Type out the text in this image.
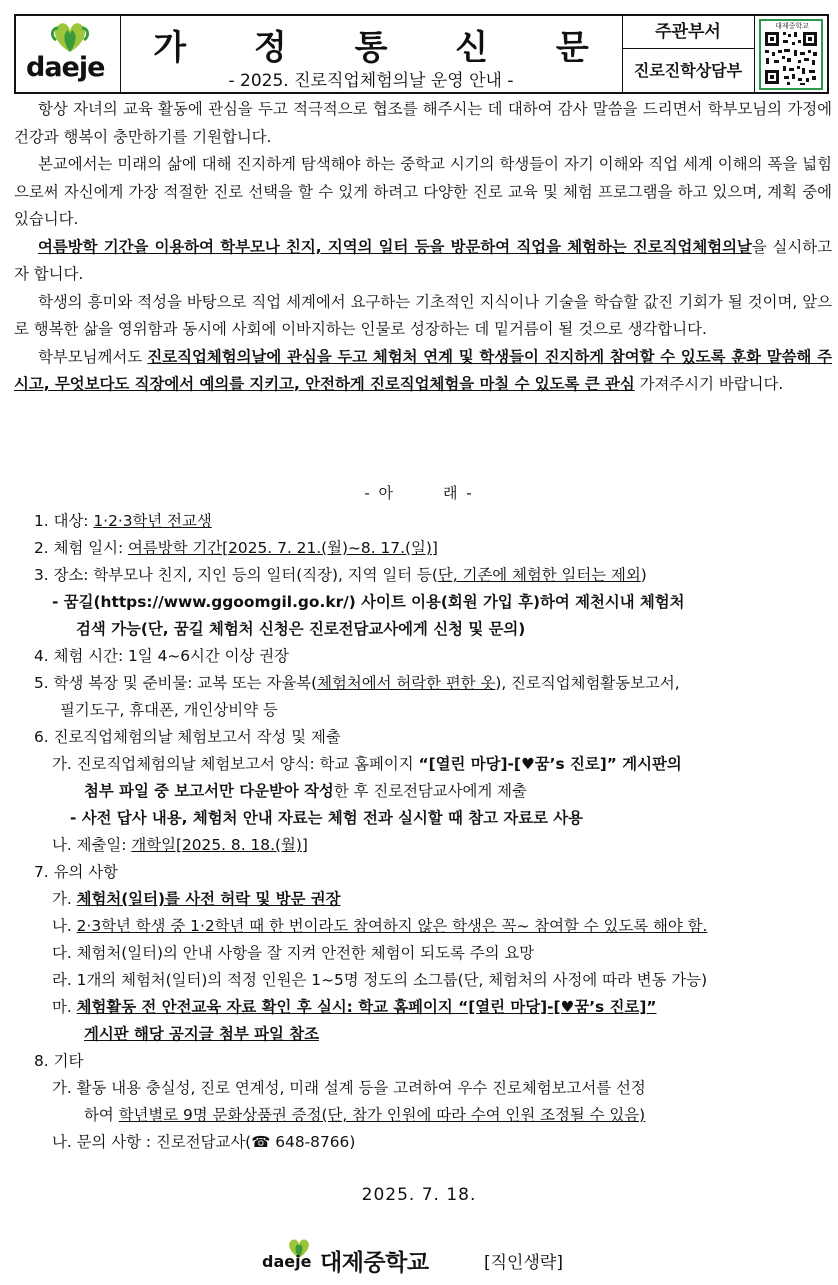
daeje	가 정 통 신 문
- 2025. 진로직업체험의날 운영 안내 -
주관부서
진로진학상담부
대제중학교

항상 자녀의 교육 활동에 관심을 두고 적극적으로 협조를 해주시는 데 대하여 감사 말씀을 드리면서 학부모님의 가정에 건강과 행복이 충만하기를 기원합니다.

본교에서는 미래의 삶에 대해 진지하게 탐색해야 하는 중학교 시기의 학생들이 자기 이해와 직업 세계 이해의 폭을 넓힘으로써 자신에게 가장 적절한 진로 선택을 할 수 있게 하려고 다양한 진로 교육 및 체험 프로그램을 하고 있으며, 계획 중에 있습니다.

여름방학 기간을 이용하여 학부모나 친지, 지역의 일터 등을 방문하여 직업을 체험하는 진로직업체험의날을 실시하고자 합니다.

학생의 흥미와 적성을 바탕으로 직업 세계에서 요구하는 기초적인 지식이나 기술을 학습할 값진 기회가 될 것이며, 앞으로 행복한 삶을 영위함과 동시에 사회에 이바지하는 인물로 성장하는 데 밑거름이 될 것으로 생각합니다.

학부모님께서도 진로직업체험의날에 관심을 두고 체험처 연계 및 학생들이 진지하게 참여할 수 있도록 훈화 말씀해 주시고, 무엇보다도 직장에서 예의를 지키고, 안전하게 진로직업체험을 마칠 수 있도록 큰 관심 가져주시기 바랍니다.

- 아	래 -

1. 대상: 1·2·3학년 전교생

2. 체험 일시: 여름방학 기간[2025. 7. 21.(월)~8. 17.(일)]

3. 장소: 학부모나 친지, 지인 등의 일터(직장), 지역 일터 등(단, 기존에 체험한 일터는 제외)

- 꿈길(https://www.ggoomgil.go.kr/) 사이트 이용(회원 가입 후)하여 제천시내 체험처

검색 가능(단, 꿈길 체험처 신청은 진로전담교사에게 신청 및 문의)

4. 체험 시간: 1일 4~6시간 이상 권장

5. 학생 복장 및 준비물: 교복 또는 자율복(체험처에서 허락한 편한 옷), 진로직업체험활동보고서,

필기도구, 휴대폰, 개인상비약 등

6. 진로직업체험의날 체험보고서 작성 및 제출

가. 진로직업체험의날 체험보고서 양식: 학교 홈페이지 “[열린 마당]-[♥꿈’s 진로]” 게시판의

첨부 파일 중 보고서만 다운받아 작성한 후 진로전담교사에게 제출

- 사전 답사 내용, 체험처 안내 자료는 체험 전과 실시할 때 참고 자료로 사용

나. 제출일: 개학일[2025. 8. 18.(월)]

7. 유의 사항

가. 체험처(일터)를 사전 허락 및 방문 권장

나. 2·3학년 학생 중 1·2학년 때 한 번이라도 참여하지 않은 학생은 꼭~ 참여할 수 있도록 해야 함.

다. 체험처(일터)의 안내 사항을 잘 지켜 안전한 체험이 되도록 주의 요망

라. 1개의 체험처(일터)의 적정 인원은 1~5명 정도의 소그룹(단, 체험처의 사정에 따라 변동 가능)

마. 체험활동 전 안전교육 자료 확인 후 실시: 학교 홈페이지 “[열린 마당]-[♥꿈’s 진로]”

게시판 해당 공지글 첨부 파일 참조

8. 기타

가. 활동 내용 충실성, 진로 연계성, 미래 설계 등을 고려하여 우수 진로체험보고서를 선정

하여 학년별로 9명 문화상품권 증정(단, 참가 인원에 따라 수여 인원 조정될 수 있음)

나. 문의 사항 : 진로전담교사(☎ 648-8766)

2025. 7. 18.
daeje 대제중학교	[직인생략]
